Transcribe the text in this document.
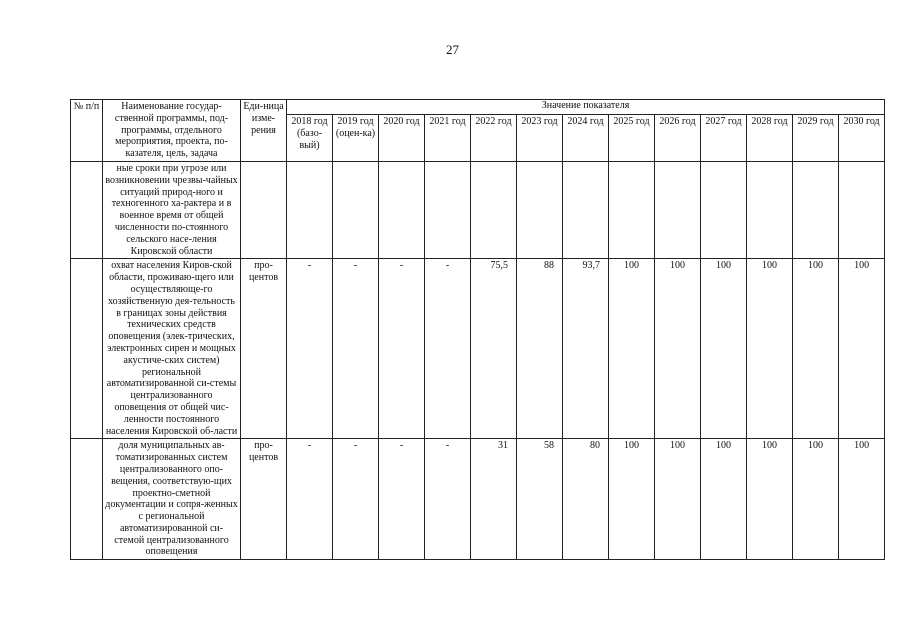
27
№ п/п	Наименование государ-ственной программы, под-программы, отдельного мероприятия, проекта, по-казателя, цель, задача	Еди-ница изме-рения	Значение показателя												
			2018 год (базо-вый)	2019 год (оцен-ка)	2020 год	2021 год	2022 год	2023 год	2024 год	2025 год	2026 год	2027 год	2028 год	2029 год	2030 год
	ные сроки при угрозе или возникновении чрезвы-чайных ситуаций природ-ного и техногенного ха-рактера и в военное время от общей численности по-стоянного сельского насе-ления Кировской области														
	охват населения Киров-ской области, проживаю-щего или осуществляюще-го хозяйственную дея-тельность в границах зоны действия технических средств оповещения (элек-трических, электронных сирен и мощных акустиче-ских систем) региональной автоматизированной си-стемы централизованного оповещения от общей чис-ленности постоянного населения Кировской об-ласти	про-центов	-	-	-	-	75,5	88	93,7	100	100	100	100	100	100
	доля муниципальных ав-томатизированных систем централизованного опо-вещения, соответствую-щих проектно-сметной документации и сопря-женных с региональной автоматизированной си-стемой централизованного оповещения	про-центов	-	-	-	-	31	58	80	100	100	100	100	100	100
